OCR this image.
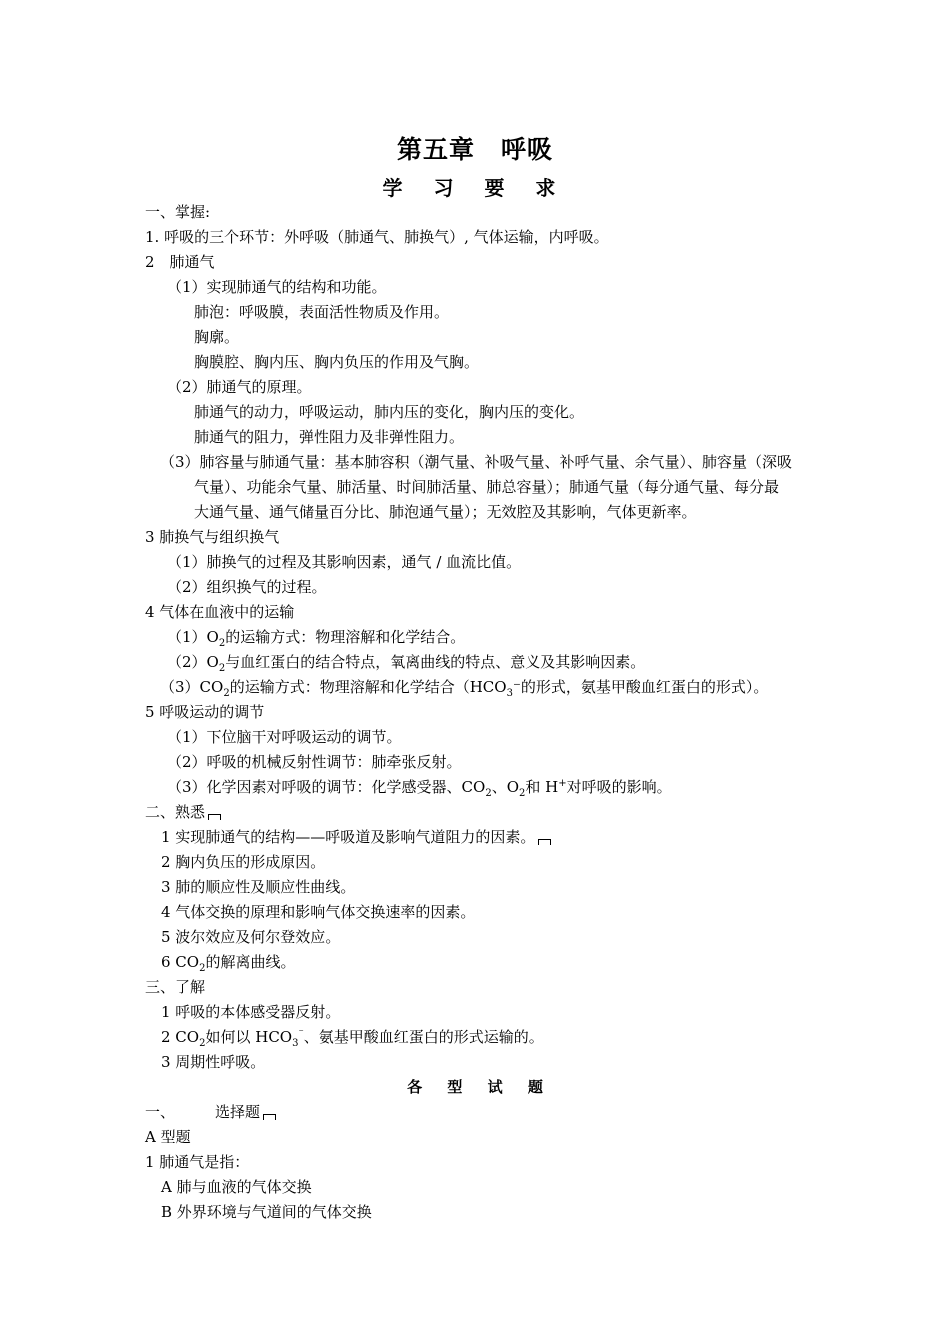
第五章 呼吸
学 习 要 求
一、掌握:
1. 呼吸的三个环节：外呼吸（肺通气、肺换气）, 气体运输，内呼吸。
2　肺通气
（1）实现肺通气的结构和功能。
肺泡：呼吸膜，表面活性物质及作用。
胸廓。
胸膜腔、胸内压、胸内负压的作用及气胸。
（2）肺通气的原理。
肺通气的动力，呼吸运动，肺内压的变化，胸内压的变化。
肺通气的阻力，弹性阻力及非弹性阻力。
（3）肺容量与肺通气量：基本肺容积（潮气量、补吸气量、补呼气量、余气量）、肺容量（深吸
气量）、功能余气量、肺活量、时间肺活量、肺总容量）；肺通气量（每分通气量、每分最
大通气量、通气储量百分比、肺泡通气量）；无效腔及其影响，气体更新率。
3 肺换气与组织换气
（1）肺换气的过程及其影响因素，通气 / 血流比值。
（2）组织换气的过程。
4 气体在血液中的运输
$(1)O_2$的运输方式：物理溶解和化学结合。
$(2)O_2$与血红蛋白的结合特点，氧离曲线的特点、意义及其影响因素。
$(3)CO_2$的运输方式：物理溶解和化学结合（$HCO_3^-$的形式，氨基甲酸血红蛋白的形式）。
5 呼吸运动的调节
（1）下位脑干对呼吸运动的调节。
（2）呼吸的机械反射性调节：肺牵张反射。
（3）化学因素对呼吸的调节：化学感受器、$CO_2$、$O_2$和 H+对呼吸的影响。
二、熟悉
1 实现肺通气的结构——呼吸道及影响气道阻力的因素。
2 胸内负压的形成原因。
3 肺的顺应性及顺应性曲线。
4 气体交换的原理和影响气体交换速率的因素。
5 波尔效应及何尔登效应。
6 $CO_2$的解离曲线。
三、了解
1 呼吸的本体感受器反射。
2 $CO_2$如何以 $HCO_3^{^-}$、氨基甲酸血红蛋白的形式运输的。
3 周期性呼吸。
各 型 试 题
一、	选择题
A 型题
1 肺通气是指：
A 肺与血液的气体交换
B 外界环境与气道间的气体交换
